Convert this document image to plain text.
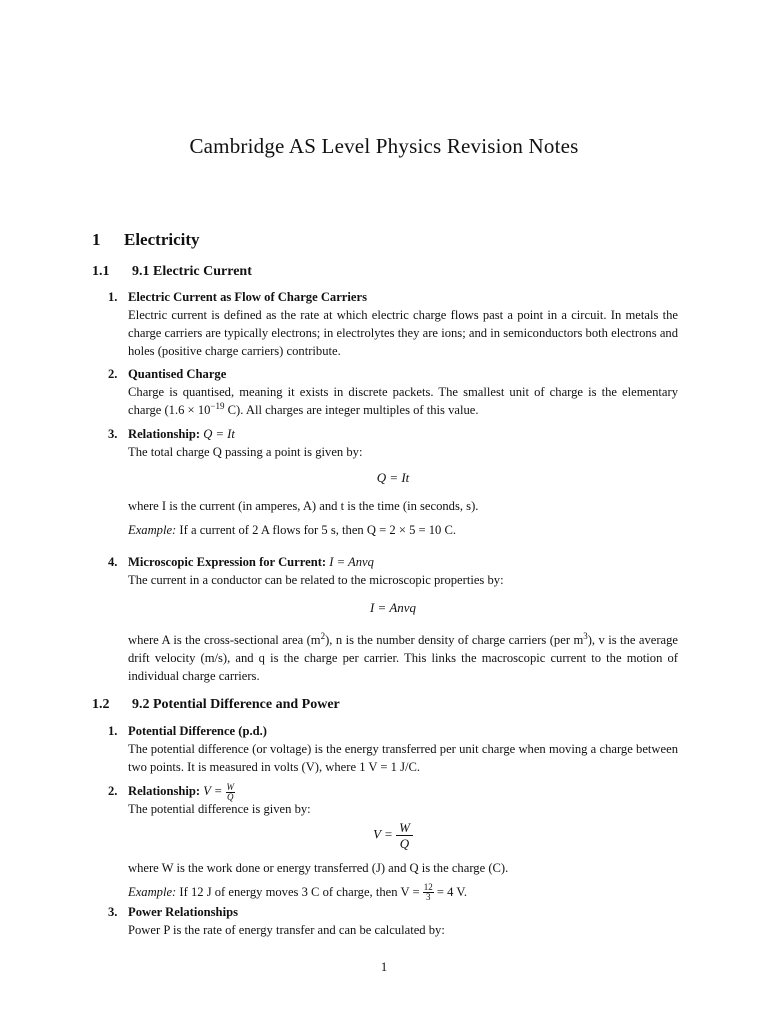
Cambridge AS Level Physics Revision Notes
1 Electricity
1.1 9.1 Electric Current
1. Electric Current as Flow of Charge Carriers
Electric current is defined as the rate at which electric charge flows past a point in a circuit. In metals the charge carriers are typically electrons; in electrolytes they are ions; and in semiconductors both electrons and holes (positive charge carriers) contribute.
2. Quantised Charge
Charge is quantised, meaning it exists in discrete packets. The smallest unit of charge is the elementary charge ($1.6 \times 10^{-19}$ C). All charges are integer multiples of this value.
3. Relationship: Q = It
The total charge Q passing a point is given by:
Q = It
where I is the current (in amperes, A) and t is the time (in seconds, s).
Example: If a current of 2 A flows for 5 s, then Q = 2 × 5 = 10 C.
4. Microscopic Expression for Current: I = Anvq
The current in a conductor can be related to the microscopic properties by:
I = Anvq
where A is the cross-sectional area $(m^2)$, n is the number density of charge carriers (per $m^3$), v is the average drift velocity (m/s), and q is the charge per carrier. This links the macroscopic current to the motion of individual charge carriers.
1.2 9.2 Potential Difference and Power
1. Potential Difference (p.d.)
The potential difference (or voltage) is the energy transferred per unit charge when moving a charge between two points. It is measured in volts (V), where 1 V = 1 J/C.
2. Relationship: $V = \frac{W}{Q}$
The potential difference is given by:
$V = \frac{W}{Q}$
where W is the work done or energy transferred (J) and Q is the charge (C).
Example: If 12 J of energy moves 3 C of charge, then $V = \frac{12}{3} = 4$ V.
3. Power Relationships
Power P is the rate of energy transfer and can be calculated by:
1
